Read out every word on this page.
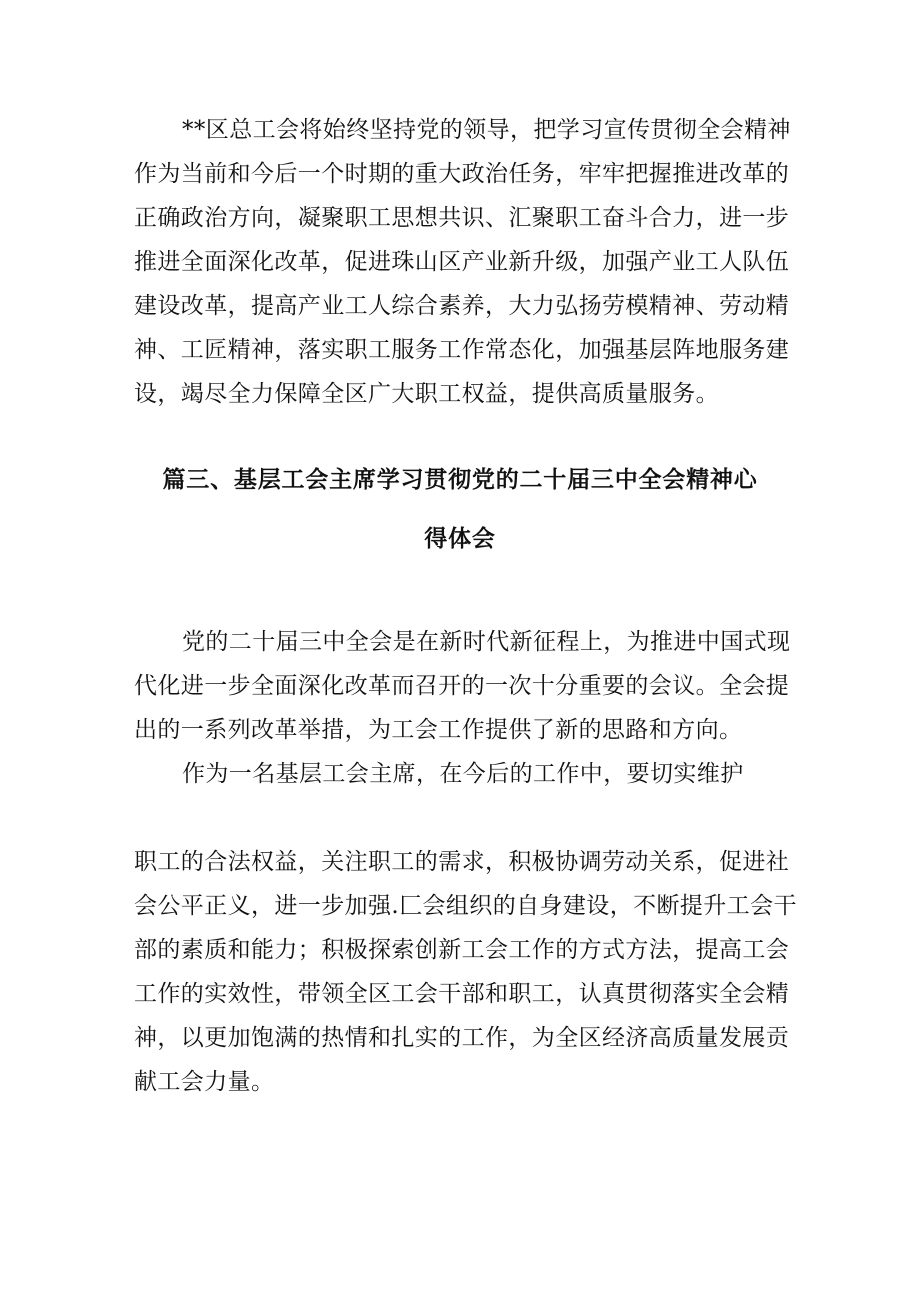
**区总工会将始终坚持党的领导，把学习宣传贯彻全会精神
作为当前和今后一个时期的重大政治任务，牢牢把握推进改革的
正确政治方向，凝聚职工思想共识、汇聚职工奋斗合力，进一步
推进全面深化改革，促进珠山区产业新升级，加强产业工人队伍
建设改革，提高产业工人综合素养，大力弘扬劳模精神、劳动精
神、工匠精神，落实职工服务工作常态化，加强基层阵地服务建
设，竭尽全力保障全区广大职工权益，提供高质量服务。
篇三、基层工会主席学习贯彻党的二十届三中全会精神心
得体会
党的二十届三中全会是在新时代新征程上，为推进中国式现
代化进一步全面深化改革而召开的一次十分重要的会议。全会提
出的一系列改革举措，为工会工作提供了新的思路和方向。
作为一名基层工会主席，在今后的工作中，要切实维护
职工的合法权益，关注职工的需求，积极协调劳动关系，促进社
会公平正义，进一步加强.匚会组织的自身建设，不断提升工会干
部的素质和能力；积极探索创新工会工作的方式方法，提高工会
工作的实效性，带领全区工会干部和职工，认真贯彻落实全会精
神，以更加饱满的热情和扎实的工作，为全区经济高质量发展贡
献工会力量。
